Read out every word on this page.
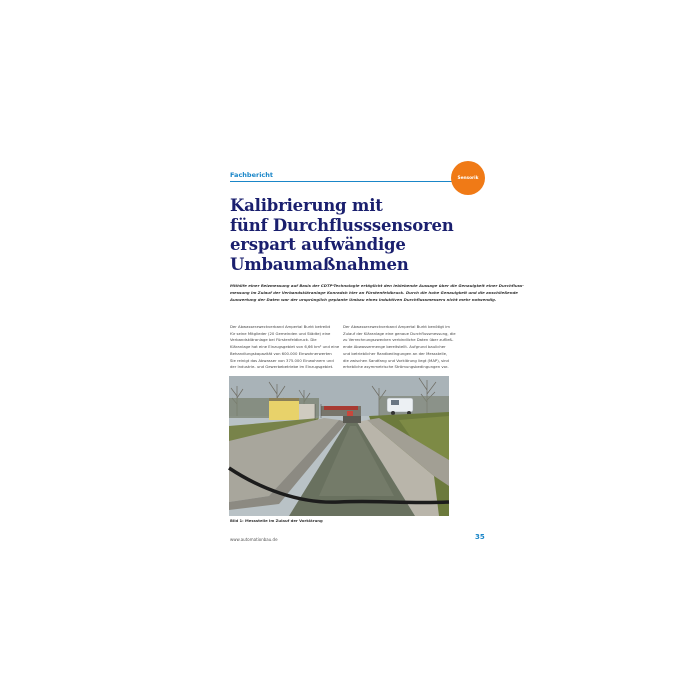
Fachbericht	Sensorik
Kalibrierung mit
fünf Durchflusssensoren
erspart aufwändige
Umbaumaßnahmen

Mithilfe einer Reizmessung auf Basis der CDTP-Technologie ertäglicht den leblebende Aussage über die Genauigkeit einer Durchfluss-
messung im Zulauf der Verbandskläranlage Konradsh hier an Fürstenfeldbruck. Durch die hohe Genauigkeit und die anschließende
Auswertung der Daten war der ursprünglich geplante Umbau eines induktiven Durchflussmessers nicht mehr notwendig.

Der Abwasserzweckverband Ampertal Burkt betreibt
für seine Mitglieder (20 Gemeinden und Städte) eine
Verbandskläranlage bei Fürstenfeldbruck. Die
Kläranlage hat eine Einzugsgebiet von 6,66 km² und eine
Behandlungskapazität von 600.000 Einwohnerwerten
Sie reinigt das Abwasser von 375.000 Einwohnern und
der Industrie- und Gewerbebetriebe im Einzugsgebiet.

Der Abwasserzweckverband Ampertal Burkt benötigt im
Zulauf der Kläranlage eine genaue Durchflussmessung, die
zu Verrechnungszwecken verbindliche Daten über zufließ-
ende Abwassermenge bereitstellt. Aufgrund baulicher
und betrieblicher Randbedingungen an der Messstelle,
die zwischen Sandfang und Vorklärung liegt (MAP), sind
erhebliche asymmetrische Strömungsbedingungen vor-

Bild 1: Messstelle im Zulauf der Vorklärung
www.automationbau.de	35
